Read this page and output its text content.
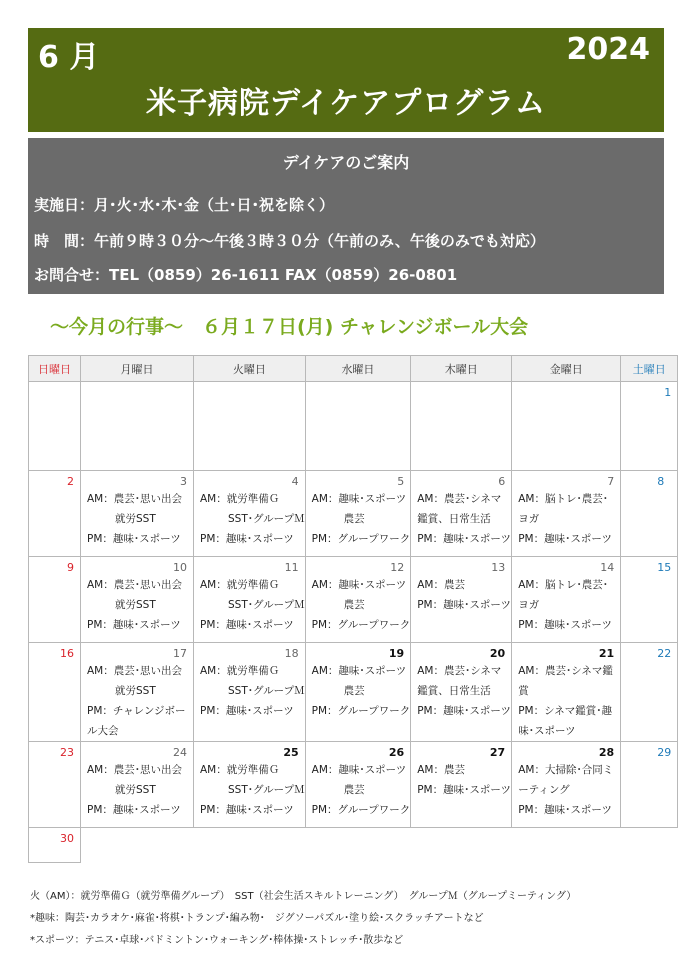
6 月	2024
米子病院デイケアプログラム
デイケアのご案内
実施日：月･火･水･木･金（土･日･祝を除く）
時　間：午前９時３０分～午後３時３０分（午前のみ、午後のみでも対応）
お問合せ：TEL（0859）26-1611 FAX（0859）26-0801
～今月の行事～　６月１７日(月) チャレンジボール大会
日曜日	月曜日	火曜日	水曜日	木曜日	金曜日	土曜日

						1

2	3
AM：農芸･思い出会
就労SST
PM：趣味･スポーツ	4
AM：就労準備Ｇ
SST･グループＭ
PM：趣味･スポーツ	5
AM：趣味･スポーツ
農芸
PM：グループワーク	6
AM：農芸･シネマ鑑賞、日常生活
PM：趣味･スポーツ	7
AM：脳トレ･農芸･ヨガ
PM：趣味･スポーツ	8

9	10
AM：農芸･思い出会
就労SST
PM：趣味･スポーツ	11
AM：就労準備Ｇ
SST･グループＭ
PM：趣味･スポーツ	12
AM：趣味･スポーツ
農芸
PM：グループワーク	13
AM：農芸
PM：趣味･スポーツ	14
AM：脳トレ･農芸･ヨガ
PM：趣味･スポーツ	15

16	17
AM：農芸･思い出会
就労SST
PM：チャレンジボール大会	18
AM：就労準備Ｇ
SST･グループＭ
PM：趣味･スポーツ	19
AM：趣味･スポーツ
農芸
PM：グループワーク	20
AM：農芸･シネマ鑑賞、日常生活
PM：趣味･スポーツ	21
AM：農芸･シネマ鑑賞
PM：シネマ鑑賞･趣味･スポーツ	22

23	24
AM：農芸･思い出会
就労SST
PM：趣味･スポーツ	25
AM：就労準備Ｇ
SST･グループＭ
PM：趣味･スポーツ	26
AM：趣味･スポーツ
農芸
PM：グループワーク	27
AM：農芸
PM：趣味･スポーツ	28
AM：大掃除･合同ミーティング
PM：趣味･スポーツ	29

30						

火（AM）：就労準備Ｇ（就労準備グループ）　SST（社会生活スキルトレーニング）　グループＭ（グループミーティング）
*趣味：陶芸･カラオケ･麻雀･将棋･トランプ･編み物･　ジグソーパズル･塗り絵･スクラッチアートなど
*スポーツ：テニス･卓球･バドミントン･ウォーキング･棒体操･ストレッチ･散歩など
